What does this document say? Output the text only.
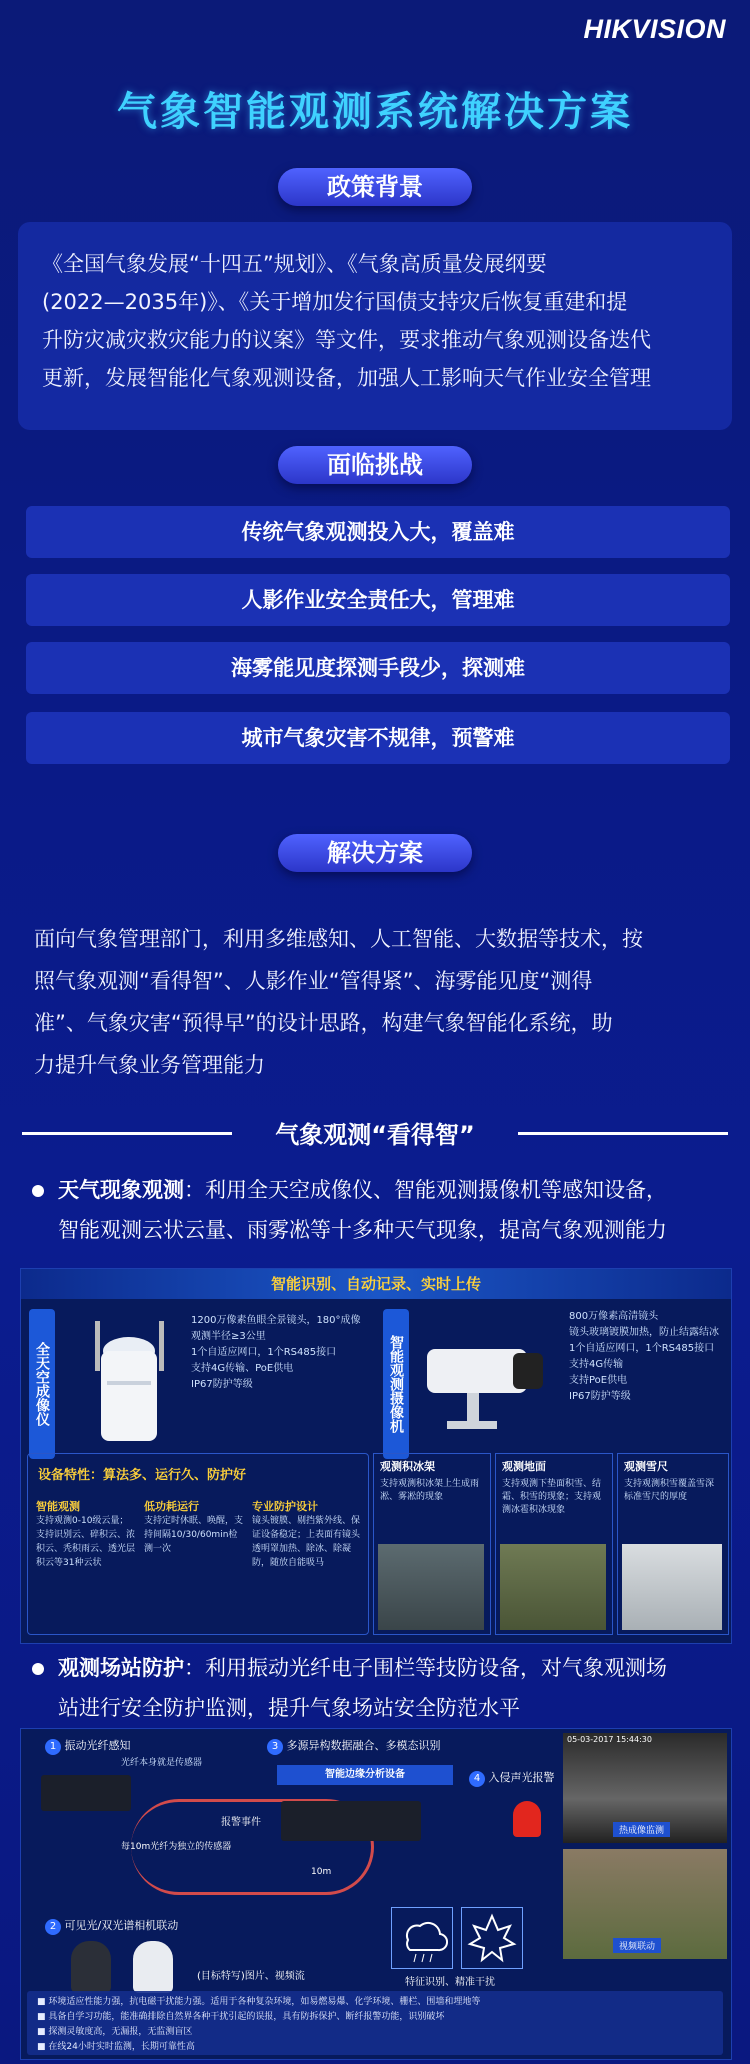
HIKVISION
气象智能观测系统解决方案
政策背景
《全国气象发展“十四五”规划》、《气象高质量发展纲要
(2022—2035年)》、《关于增加发行国债支持灾后恢复重建和提
升防灾减灾救灾能力的议案》等文件，要求推动气象观测设备迭代
更新，发展智能化气象观测设备，加强人工影响天气作业安全管理
面临挑战
传统气象观测投入大，覆盖难
人影作业安全责任大，管理难
海雾能见度探测手段少，探测难
城市气象灾害不规律，预警难
解决方案
面向气象管理部门，利用多维感知、人工智能、大数据等技术，按
照气象观测“看得智”、人影作业“管得紧”、海雾能见度“测得
准”、气象灾害“预得早”的设计思路，构建气象智能化系统，助
力提升气象业务管理能力
气象观测“看得智”
天气现象观测：利用全天空成像仪、智能观测摄像机等感知设备，
智能观测云状云量、雨雾凇等十多种天气现象，提高气象观测能力
智能识别、自动记录、实时上传
全天空成像仪
1200万像素鱼眼全景镜头，180°成像
观测半径≥3公里
1个自适应网口，1个RS485接口
支持4G传输、PoE供电
IP67防护等级	智能观测摄像机
800万像素高清镜头
镜头玻璃镀膜加热，防止结露结冰
1个自适应网口，1个RS485接口
支持4G传输
支持PoE供电
IP67防护等级
设备特性：算法多、运行久、防护好
智能观测
支持观测0-10级云量；支持识别云、碎积云、浓积云、秃积雨云、透光层积云等31种云状
低功耗运行
支持定时休眠、唤醒，支持间隔10/30/60min检测一次
专业防护设计
镜头镀膜、剔挡紫外线、保证设备稳定；上表面有镜头透明罩加热、除冰、除凝防，随放自能吸马
观测积冰架
支持观测积冰架上生成雨凇、雾凇的现象
观测地面
支持观测下垫面积雪、结霜、积雪的现象；支持观测冰雹积冰现象
观测雪尺
支持观测积雪覆盖雪深标准雪尺的厚度
观测场站防护：利用振动光纤电子围栏等技防设备，对气象观测场
站进行安全防护监测，提升气象场站安全防范水平
1 振动光纤感知
光纤本身就是传感器
每10m光纤为独立的传感器
10m
2 可见光/双光谱相机联动
(目标特写)图片、视频流
3 多源异构数据融合、多模态识别
报警事件
智能边缘分析设备
特征识别、精准干扰
4 入侵声光报警
05-03-2017 15:44:30
热成像监测
视频联动
■ 环境适应性能力强，抗电磁干扰能力强。适用于各种复杂环境，如易燃易爆、化学环境、栅栏、围墙和埋地等
■ 具备自学习功能，能准确排除自然界各种干扰引起的误报，具有防拆保护、断纤报警功能，识别破坏
■ 探测灵敏度高，无漏报，无监测盲区
■ 在线24小时实时监测，长期可靠性高
